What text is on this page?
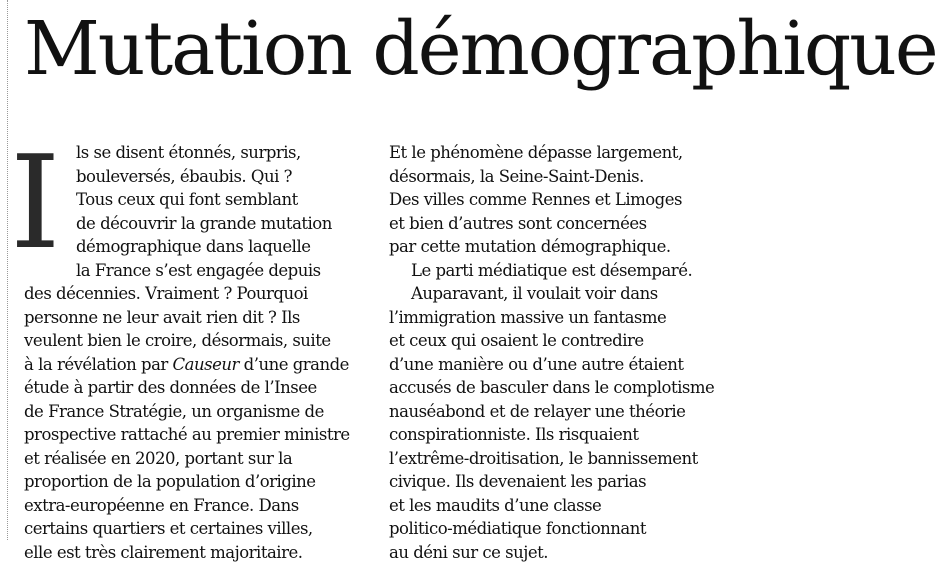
Mutation démographique
I ls se disent étonnés, surpris,
bouleversés, ébaubis. Qui ?
Tous ceux qui font semblant
de découvrir la grande mutation
démographique dans laquelle
la France s’est engagée depuis
des décennies. Vraiment ? Pourquoi
personne ne leur avait rien dit ? Ils
veulent bien le croire, désormais, suite
à la révélation par Causeur d’une grande
étude à partir des données de l’Insee
de France Stratégie, un organisme de
prospective rattaché au premier ministre
et réalisée en 2020, portant sur la
proportion de la population d’origine
extra-européenne en France. Dans
certains quartiers et certaines villes,
elle est très clairement majoritaire.
Et le phénomène dépasse largement,
désormais, la Seine-Saint-Denis.
Des villes comme Rennes et Limoges
et bien d’autres sont concernées
par cette mutation démographique.
Le parti médiatique est désemparé.
Auparavant, il voulait voir dans
l’immigration massive un fantasme
et ceux qui osaient le contredire
d’une manière ou d’une autre étaient
accusés de basculer dans le complotisme
nauséabond et de relayer une théorie
conspirationniste. Ils risquaient
l’extrême-droitisation, le bannissement
civique. Ils devenaient les parias
et les maudits d’une classe
politico-médiatique fonctionnant
au déni sur ce sujet.
